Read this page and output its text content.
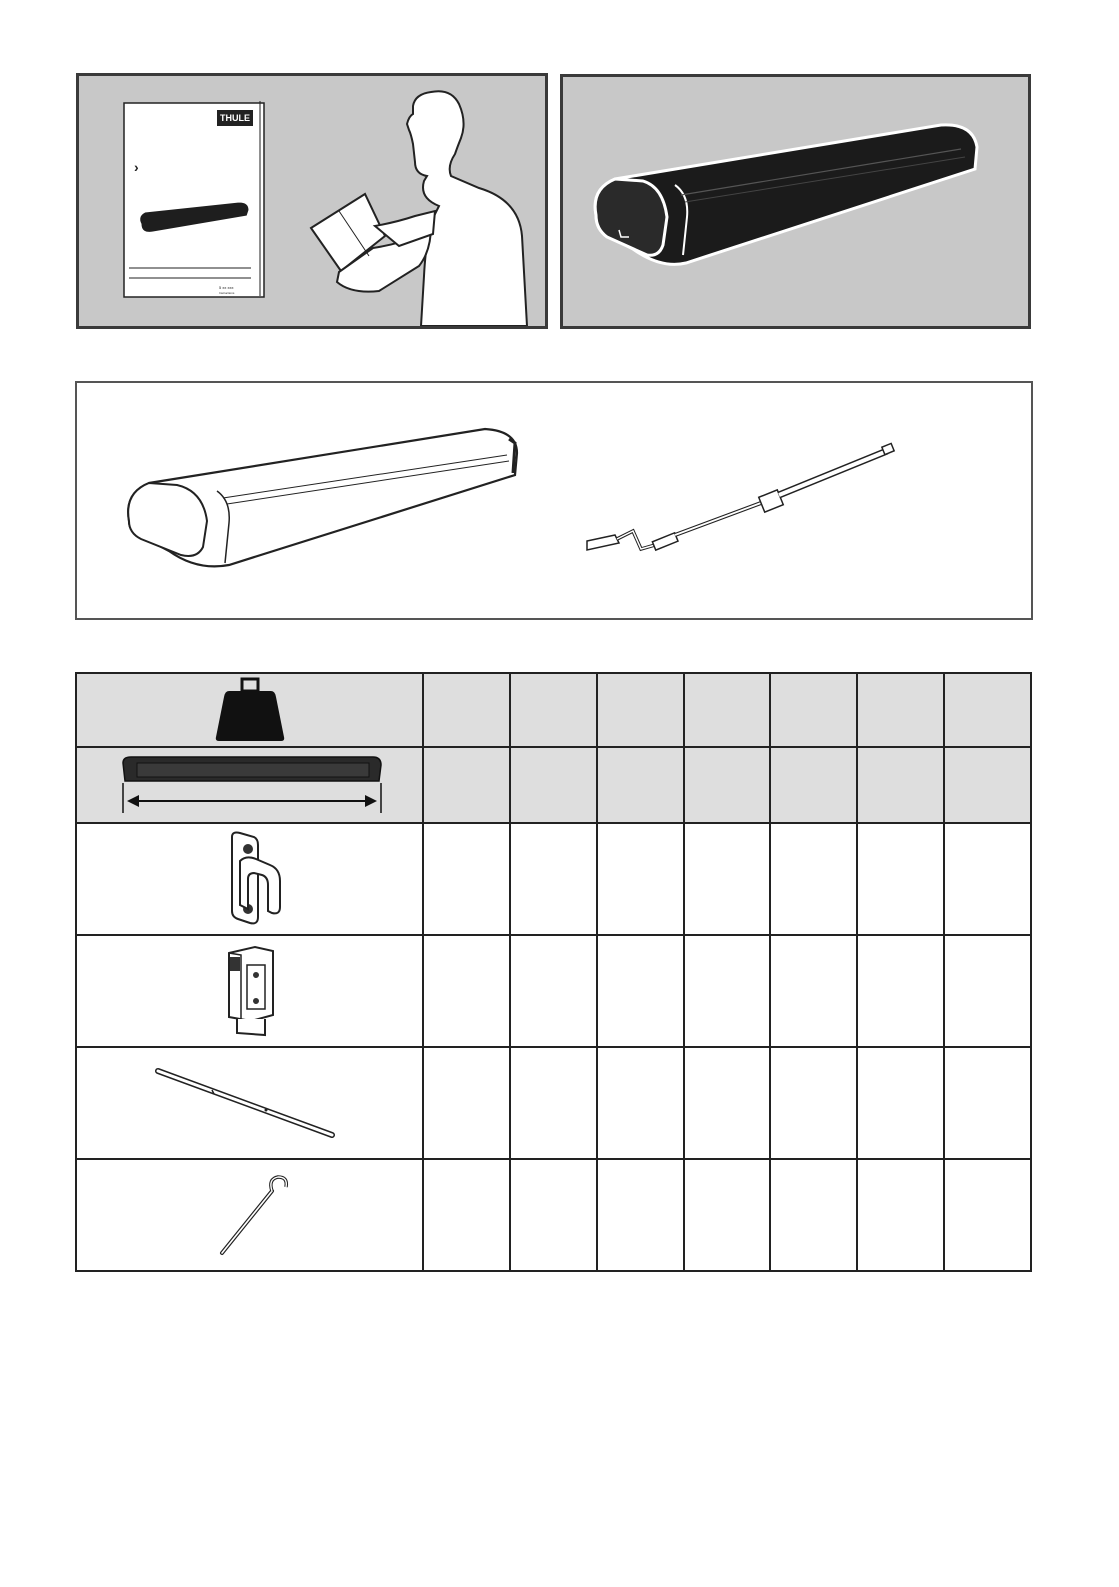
THULE
›
5 xx xxx
Instructions
